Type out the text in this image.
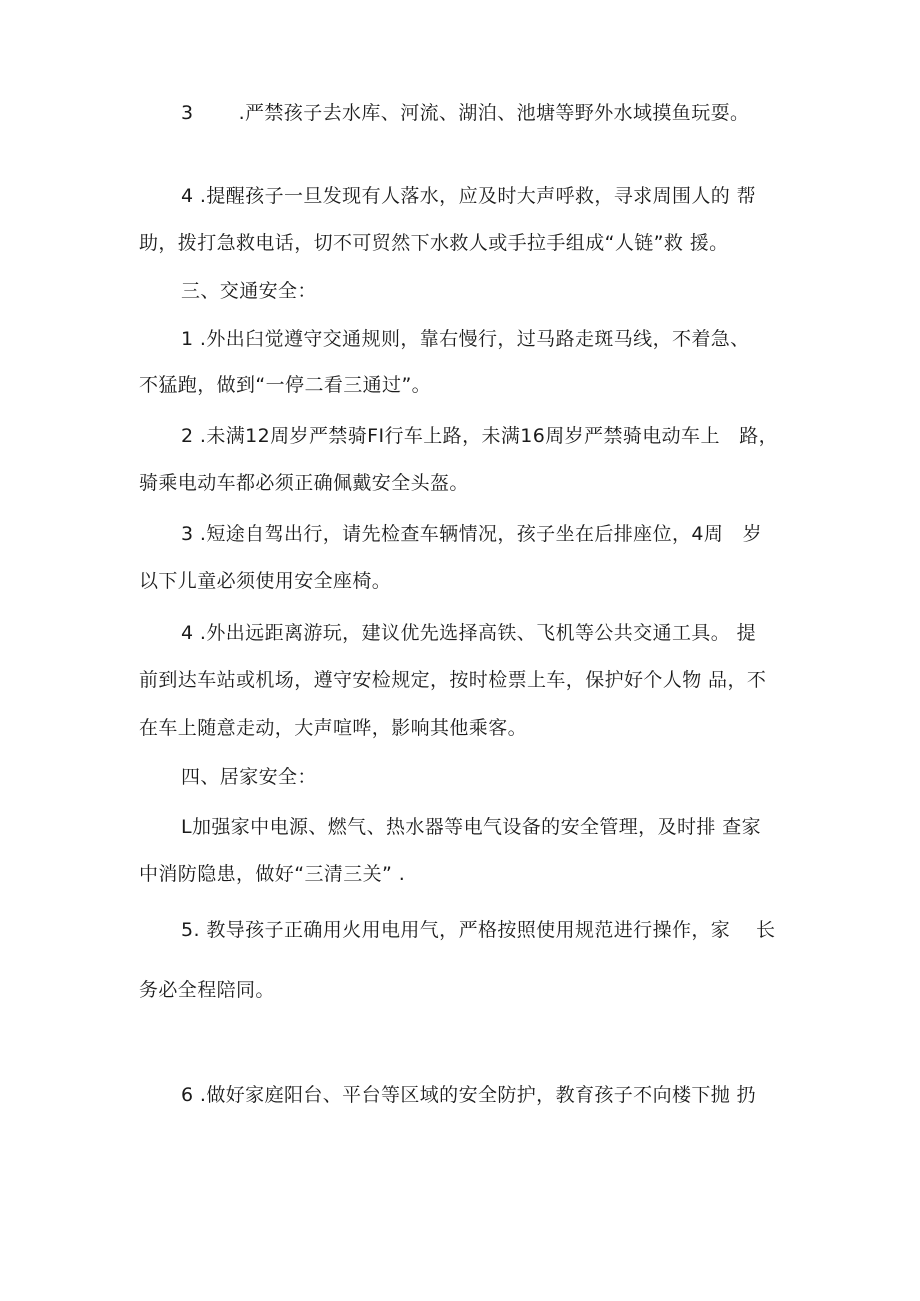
3       .严禁孩子去水库、河流、湖泊、池塘等野外水域摸鱼玩耍。

4 .提醒孩子一旦发现有人落水，应及时大声呼救，寻求周围人的 帮

助，拨打急救电话，切不可贸然下水救人或手拉手组成“人链”救 援。

三、交通安全：

1 .外出臼觉遵守交通规则，靠右慢行，过马路走斑马线，不着急、

不猛跑，做到“一停二看三通过”。

2 .未满12周岁严禁骑FI行车上路，未满16周岁严禁骑电动车上　路，

骑乘电动车都必须正确佩戴安全头盔。

3 .短途自驾出行，请先检查车辆情况，孩子坐在后排座位，4周　岁

以下儿童必须使用安全座椅。

4 .外出远距离游玩，建议优先选择高铁、飞机等公共交通工具。 提

前到达车站或机场，遵守安检规定，按时检票上车，保护好个人物 品，不

在车上随意走动，大声喧哗，影响其他乘客。

四、居家安全：

L加强家中电源、燃气、热水器等电气设备的安全管理，及时排 查家

中消防隐患，做好“三清三关” .

5. 教导孩子正确用火用电用气，严格按照使用规范进行操作，家　 长

务必全程陪同。

6 .做好家庭阳台、平台等区域的安全防护，教育孩子不向楼下抛 扔
